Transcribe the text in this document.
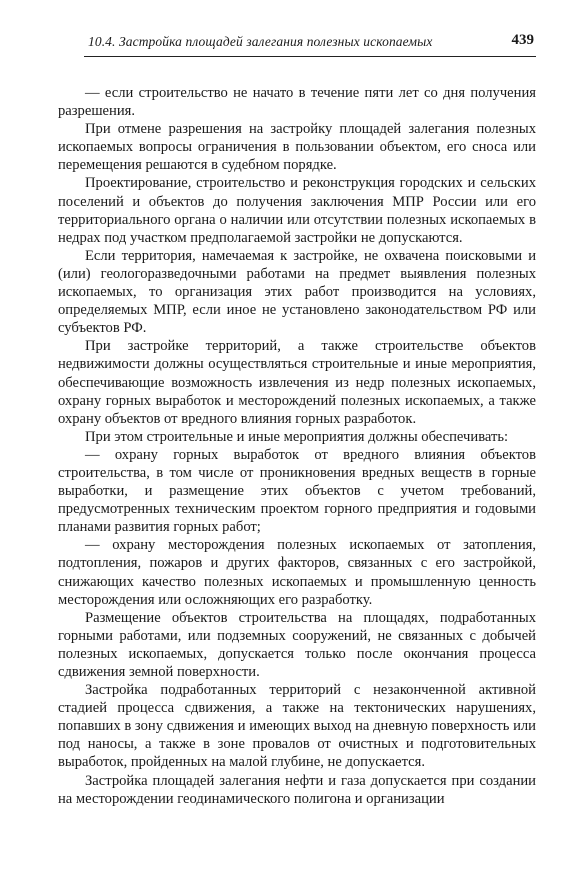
10.4. Застройка площадей залегания полезных ископаемых	439

— если строительство не начато в течение пяти лет со дня получения разрешения.

При отмене разрешения на застройку площадей залегания полезных ископаемых вопросы ограничения в пользовании объектом, его сноса или перемещения решаются в судебном порядке.

Проектирование, строительство и реконструкция городских и сельских поселений и объектов до получения заключения МПР России или его территориального органа о наличии или отсутствии полезных ископаемых в недрах под участком предполагаемой застройки не допускаются.

Если территория, намечаемая к застройке, не охвачена поисковыми и (или) геологоразведочными работами на предмет выявления полезных ископаемых, то организация этих работ производится на условиях, определяемых МПР, если иное не установлено законодательством РФ или субъектов РФ.

При застройке территорий, а также строительстве объектов недвижимости должны осуществляться строительные и иные мероприятия, обеспечивающие возможность извлечения из недр полезных ископаемых, охрану горных выработок и месторождений полезных ископаемых, а также охрану объектов от вредного влияния горных разработок.

При этом строительные и иные мероприятия должны обеспечивать:

— охрану горных выработок от вредного влияния объектов строительства, в том числе от проникновения вредных веществ в горные выработки, и размещение этих объектов с учетом требований, предусмотренных техническим проектом горного предприятия и годовыми планами развития горных работ;

— охрану месторождения полезных ископаемых от затопления, подтопления, пожаров и других факторов, связанных с его застройкой, снижающих качество полезных ископаемых и промышленную ценность месторождения или осложняющих его разработку.

Размещение объектов строительства на площадях, подработанных горными работами, или подземных сооружений, не связанных с добычей полезных ископаемых, допускается только после окончания процесса сдвижения земной поверхности.

Застройка подработанных территорий с незаконченной активной стадией процесса сдвижения, а также на тектонических нарушениях, попавших в зону сдвижения и имеющих выход на дневную поверхность или под наносы, а также в зоне провалов от очистных и подготовительных выработок, пройденных на малой глубине, не допускается.

Застройка площадей залегания нефти и газа допускается при создании на месторождении геодинамического полигона и организации
